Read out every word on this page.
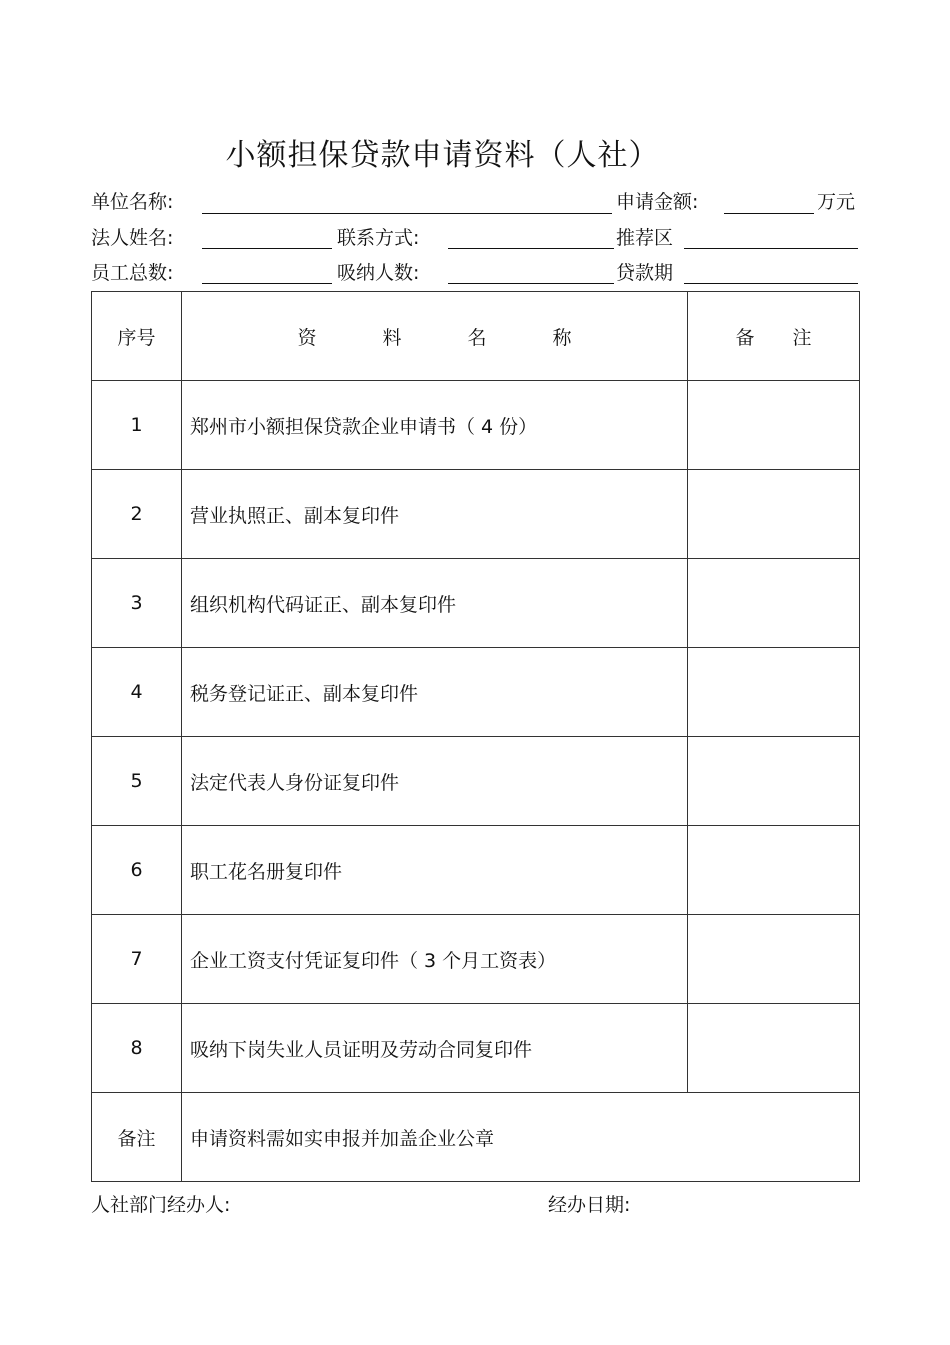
小额担保贷款申请资料（人社）
单位名称:	申请金额:	万元
法人姓名:	联系方式:	推荐区
员工总数:	吸纳人数:	贷款期
序号	资 料 名 称	备 注
1	郑州市小额担保贷款企业申请书（ 4 份）	
2	营业执照正、副本复印件	
3	组织机构代码证正、副本复印件	
4	税务登记证正、副本复印件	
5	法定代表人身份证复印件	
6	职工花名册复印件	
7	企业工资支付凭证复印件（ 3 个月工资表）	
8	吸纳下岗失业人员证明及劳动合同复印件	
备注	申请资料需如实申报并加盖企业公章	
人社部门经办人:	经办日期:
